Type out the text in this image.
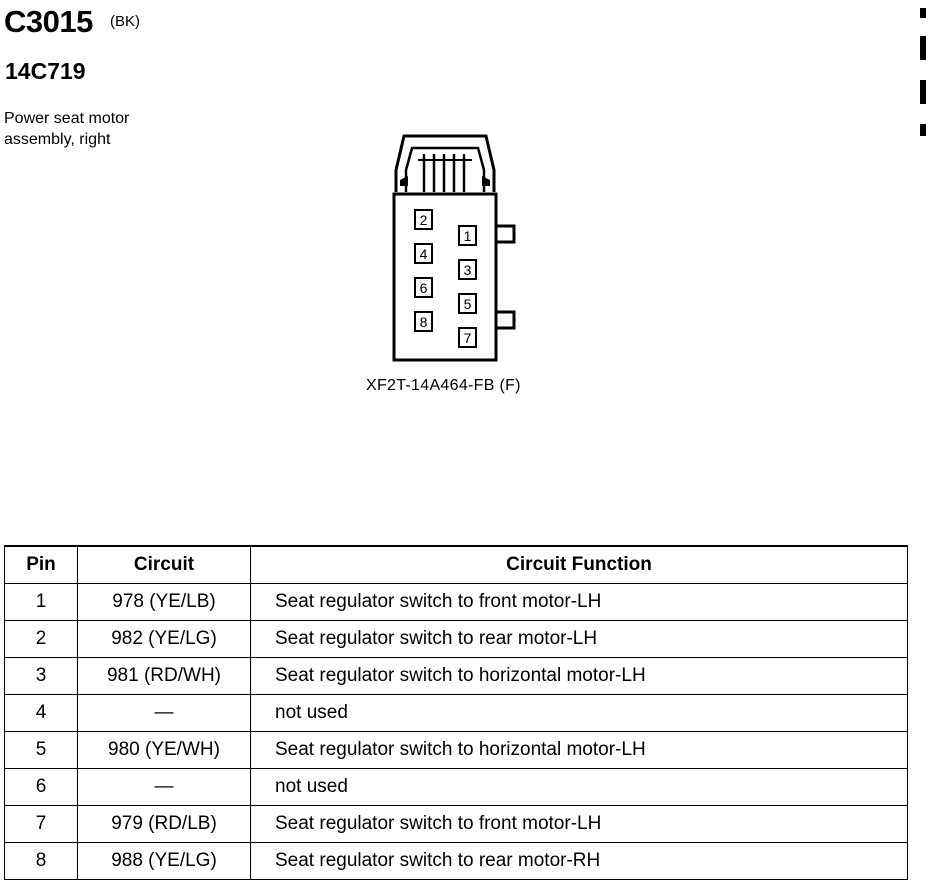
C3015 (BK)
14C719
Power seat motor
assembly, right
2
1
4
3
6
5
8
7
XF2T-14A464-FB (F)
Pin	Circuit	Circuit Function
1	978 (YE/LB)	Seat regulator switch to front motor-LH
2	982 (YE/LG)	Seat regulator switch to rear motor-LH
3	981 (RD/WH)	Seat regulator switch to horizontal motor-LH
4	—	not used
5	980 (YE/WH)	Seat regulator switch to horizontal motor-LH
6	—	not used
7	979 (RD/LB)	Seat regulator switch to front motor-LH
8	988 (YE/LG)	Seat regulator switch to rear motor-RH
